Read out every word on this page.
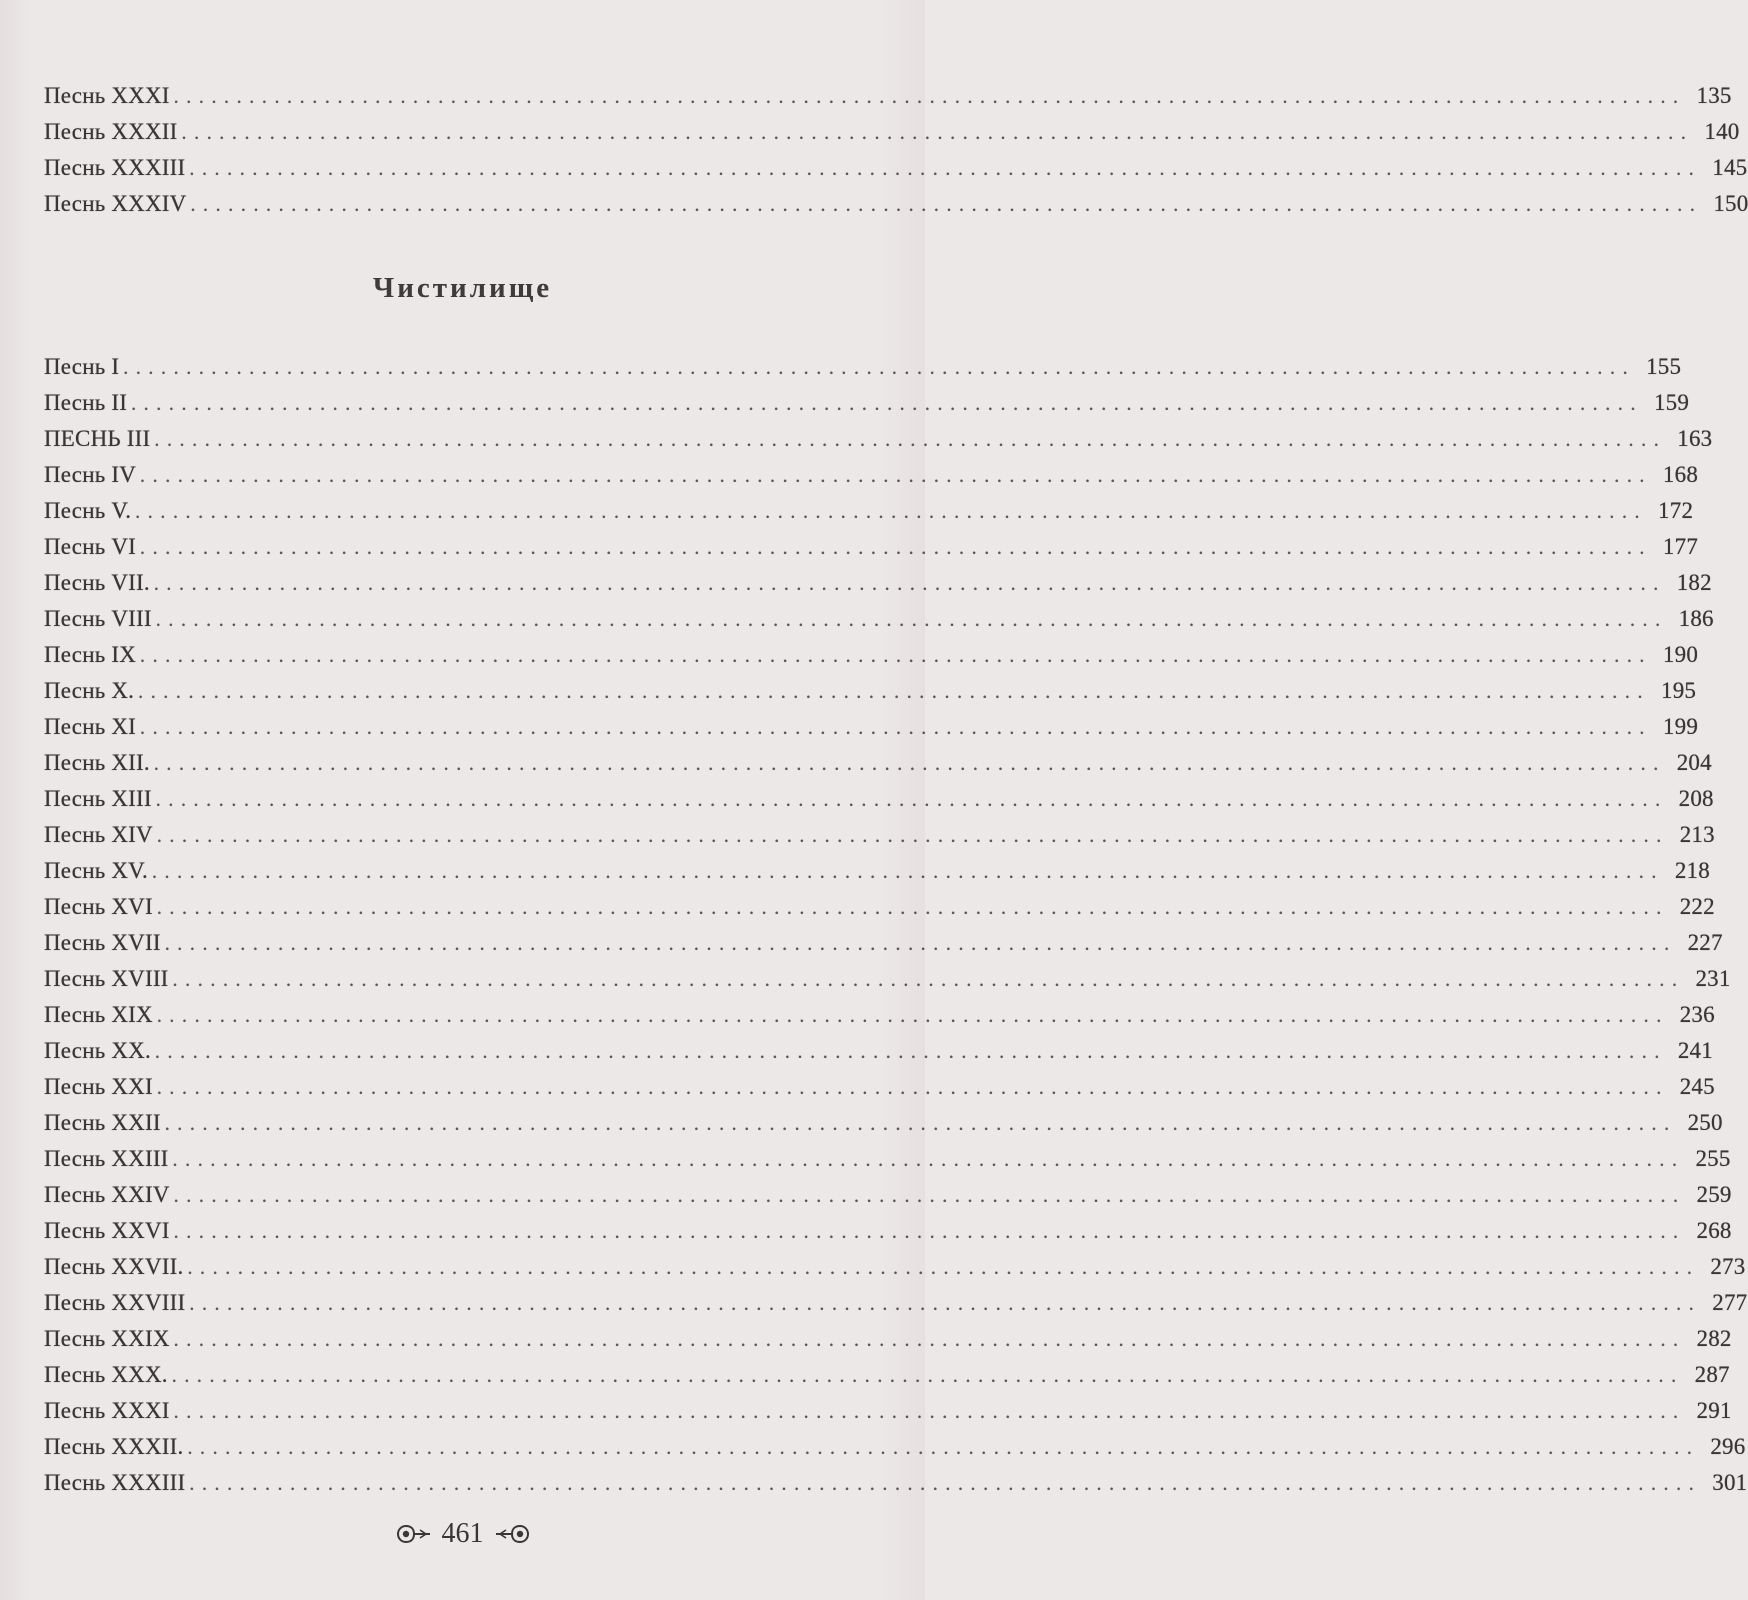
Песнь XXXI ........................................................................................................................ 135
Песнь XXXII ........................................................................................................................ 140
Песнь XXXIII ........................................................................................................................ 145
Песнь XXXIV ........................................................................................................................ 150
Чистилище
Песнь I ........................................................................................................................ 155
Песнь II ........................................................................................................................ 159
ПЕСНЬ III ........................................................................................................................ 163
Песнь IV ........................................................................................................................ 168
Песнь V. ........................................................................................................................ 172
Песнь VI ........................................................................................................................ 177
Песнь VII. ........................................................................................................................ 182
Песнь VIII ........................................................................................................................ 186
Песнь IX ........................................................................................................................ 190
Песнь X. ........................................................................................................................ 195
Песнь XI ........................................................................................................................ 199
Песнь XII. ........................................................................................................................ 204
Песнь XIII ........................................................................................................................ 208
Песнь XIV ........................................................................................................................ 213
Песнь XV. ........................................................................................................................ 218
Песнь XVI ........................................................................................................................ 222
Песнь XVII ........................................................................................................................ 227
Песнь XVIII ........................................................................................................................ 231
Песнь XIX ........................................................................................................................ 236
Песнь XX. ........................................................................................................................ 241
Песнь XXI ........................................................................................................................ 245
Песнь XXII ........................................................................................................................ 250
Песнь XXIII ........................................................................................................................ 255
Песнь XXIV ........................................................................................................................ 259
Песнь XXVI ........................................................................................................................ 268
Песнь XXVII. ........................................................................................................................ 273
Песнь XXVIII ........................................................................................................................ 277
Песнь XXIX ........................................................................................................................ 282
Песнь XXX. ........................................................................................................................ 287
Песнь XXXI ........................................................................................................................ 291
Песнь XXXII. ........................................................................................................................ 296
Песнь XXXIII ........................................................................................................................ 301
461
